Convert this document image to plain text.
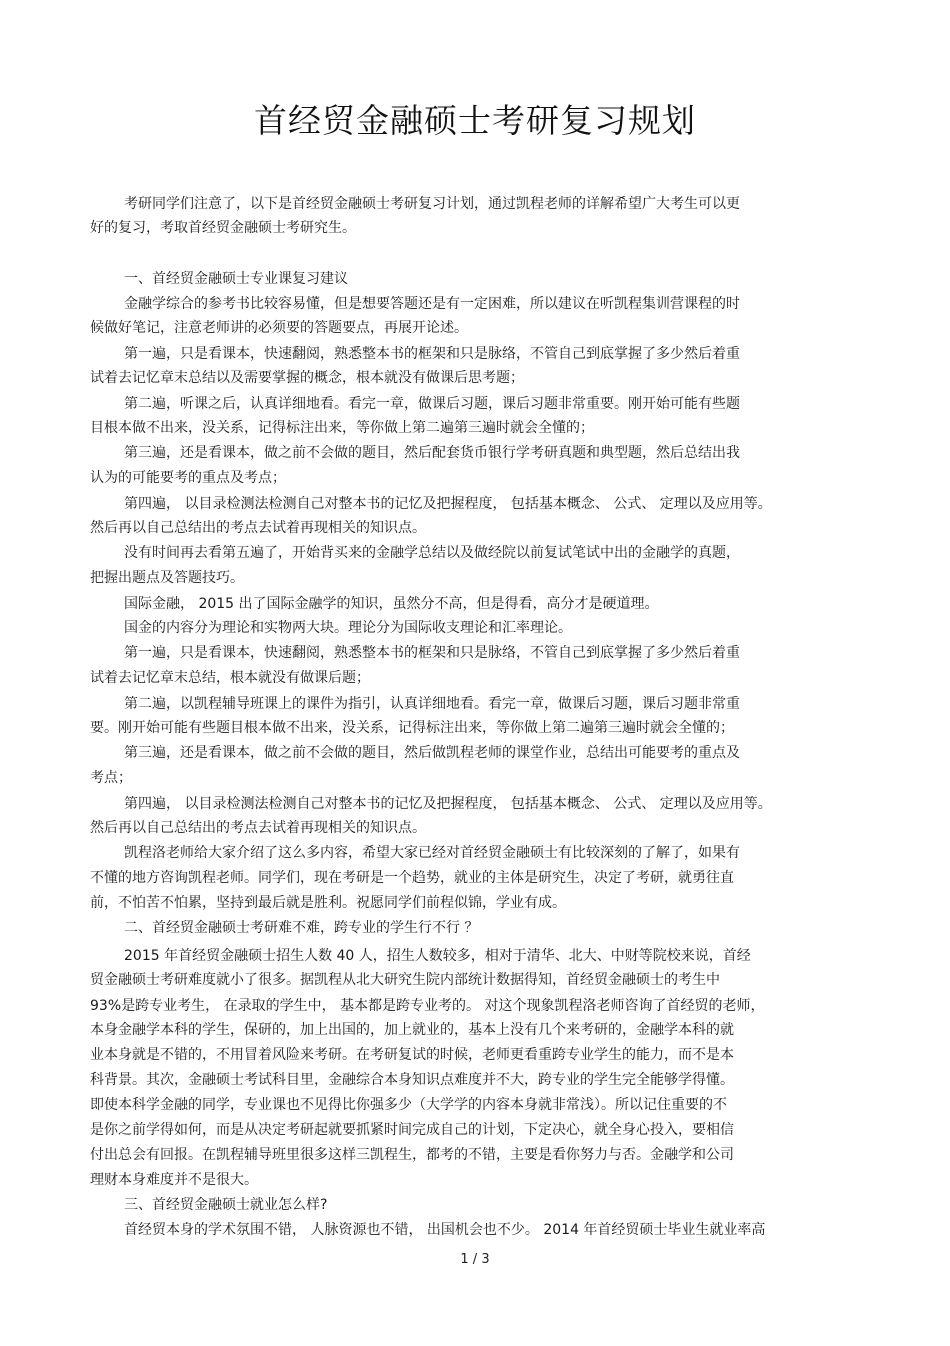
首经贸金融硕士考研复习规划
考研同学们注意了，以下是首经贸金融硕士考研复习计划，通过凯程老师的详解希望广大考生可以更
好的复习，考取首经贸金融硕士考研究生。
一、首经贸金融硕士专业课复习建议
金融学综合的参考书比较容易懂，但是想要答题还是有一定困难，所以建议在听凯程集训营课程的时
候做好笔记，注意老师讲的必须要的答题要点，再展开论述。
第一遍，只是看课本，快速翻阅，熟悉整本书的框架和只是脉络，不管自己到底掌握了多少然后着重
试着去记忆章末总结以及需要掌握的概念，根本就没有做课后思考题；
第二遍，听课之后，认真详细地看。看完一章，做课后习题，课后习题非常重要。刚开始可能有些题
目根本做不出来，没关系，记得标注出来，等你做上第二遍第三遍时就会全懂的；
第三遍，还是看课本，做之前不会做的题目，然后配套货币银行学考研真题和典型题，然后总结出我
认为的可能要考的重点及考点；
第四遍， 以目录检测法检测自己对整本书的记忆及把握程度， 包括基本概念、 公式、 定理以及应用等。
然后再以自己总结出的考点去试着再现相关的知识点。
没有时间再去看第五遍了，开始背买来的金融学总结以及做经院以前复试笔试中出的金融学的真题，
把握出题点及答题技巧。
国际金融， 2015 出了国际金融学的知识，虽然分不高，但是得看，高分才是硬道理。
国金的内容分为理论和实物两大块。理论分为国际收支理论和汇率理论。
第一遍，只是看课本，快速翻阅，熟悉整本书的框架和只是脉络，不管自己到底掌握了多少然后着重
试着去记忆章末总结，根本就没有做课后题；
第二遍，以凯程辅导班课上的课件为指引，认真详细地看。看完一章，做课后习题，课后习题非常重
要。刚开始可能有些题目根本做不出来，没关系，记得标注出来，等你做上第二遍第三遍时就会全懂的；
第三遍，还是看课本，做之前不会做的题目，然后做凯程老师的课堂作业，总结出可能要考的重点及
考点；
第四遍， 以目录检测法检测自己对整本书的记忆及把握程度， 包括基本概念、 公式、 定理以及应用等。
然后再以自己总结出的考点去试着再现相关的知识点。
凯程洛老师给大家介绍了这么多内容，希望大家已经对首经贸金融硕士有比较深刻的了解了，如果有
不懂的地方咨询凯程老师。同学们，现在考研是一个趋势，就业的主体是研究生，决定了考研，就勇往直
前，不怕苦不怕累，坚持到最后就是胜利。祝愿同学们前程似锦，学业有成。
二、首经贸金融硕士考研难不难，跨专业的学生行不行 ？
2015 年首经贸金融硕士招生人数 40 人，招生人数较多，相对于清华、北大、中财等院校来说，首经
贸金融硕士考研难度就小了很多。据凯程从北大研究生院内部统计数据得知，首经贸金融硕士的考生中
93%是跨专业考生， 在录取的学生中， 基本都是跨专业考的。 对这个现象凯程洛老师咨询了首经贸的老师，
本身金融学本科的学生，保研的，加上出国的，加上就业的，基本上没有几个来考研的，金融学本科的就
业本身就是不错的，不用冒着风险来考研。在考研复试的时候，老师更看重跨专业学生的能力，而不是本
科背景。其次，金融硕士考试科目里，金融综合本身知识点难度并不大，跨专业的学生完全能够学得懂。
即使本科学金融的同学，专业课也不见得比你强多少（大学学的内容本身就非常浅）。所以记住重要的不
是你之前学得如何，而是从决定考研起就要抓紧时间完成自己的计划，下定决心，就全身心投入，要相信
付出总会有回报。在凯程辅导班里很多这样三凯程生，都考的不错，主要是看你努力与否。金融学和公司
理财本身难度并不是很大。
三、首经贸金融硕士就业怎么样?
首经贸本身的学术氛围不错， 人脉资源也不错， 出国机会也不少。 2014 年首经贸硕士毕业生就业率高
1 / 3
